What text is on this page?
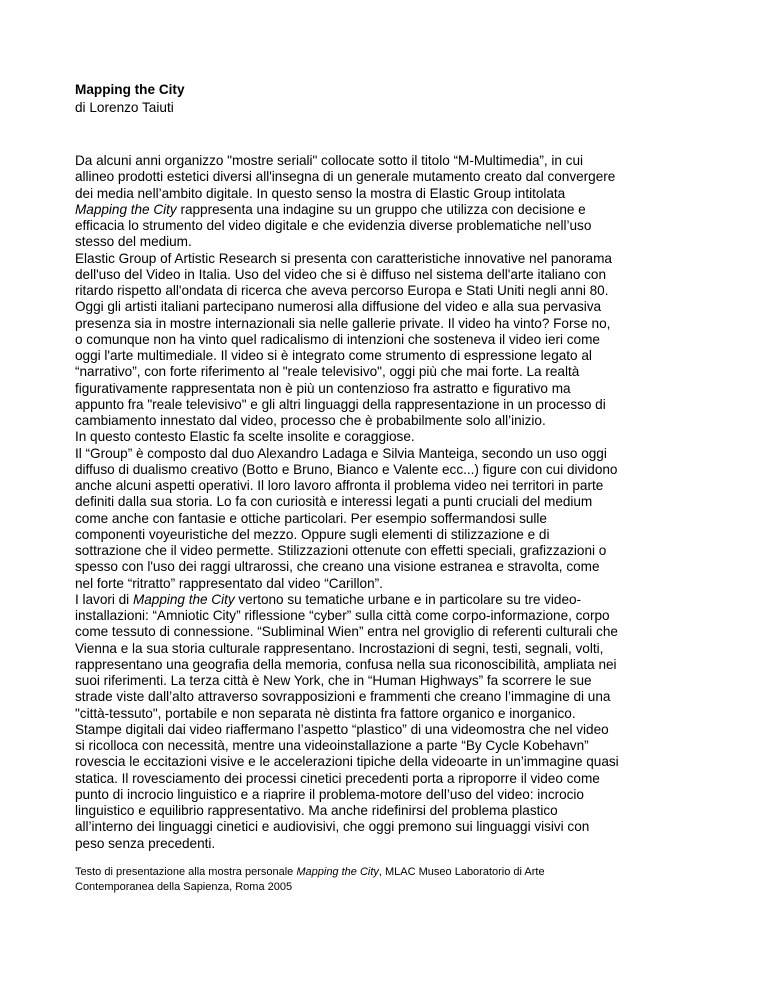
Mapping the City
di Lorenzo Taiuti
Da alcuni anni organizzo "mostre seriali" collocate sotto il titolo “M-Multimedia”, in cui
allineo prodotti estetici diversi all'insegna di un generale mutamento creato dal convergere
dei media nell’ambito digitale. In questo senso la mostra di Elastic Group intitolata
Mapping the City rappresenta una indagine su un gruppo che utilizza con decisione e
efficacia lo strumento del video digitale e che evidenzia diverse problematiche nell’uso
stesso del medium.
Elastic Group of Artistic Research si presenta con caratteristiche innovative nel panorama
dell'uso del Video in Italia. Uso del video che si è diffuso nel sistema dell'arte italiano con
ritardo rispetto all'ondata di ricerca che aveva percorso Europa e Stati Uniti negli anni 80.
Oggi gli artisti italiani partecipano numerosi alla diffusione del video e alla sua pervasiva
presenza sia in mostre internazionali sia nelle gallerie private. Il video ha vinto? Forse no,
o comunque non ha vinto quel radicalismo di intenzioni che sosteneva il video ieri come
oggi l'arte multimediale. Il video si è integrato come strumento di espressione legato al
“narrativo”, con forte riferimento al "reale televisivo", oggi più che mai forte. La realtà
figurativamente rappresentata non è più un contenzioso fra astratto e figurativo ma
appunto fra "reale televisivo" e gli altri linguaggi della rappresentazione in un processo di
cambiamento innestato dal video, processo che è probabilmente solo all’inizio.
In questo contesto Elastic fa scelte insolite e coraggiose.
Il “Group” è composto dal duo Alexandro Ladaga e Silvia Manteiga, secondo un uso oggi
diffuso di dualismo creativo (Botto e Bruno, Bianco e Valente ecc...) figure con cui dividono
anche alcuni aspetti operativi. Il loro lavoro affronta il problema video nei territori in parte
definiti dalla sua storia. Lo fa con curiosità e interessi legati a punti cruciali del medium
come anche con fantasie e ottiche particolari. Per esempio soffermandosi sulle
componenti voyeuristiche del mezzo. Oppure sugli elementi di stilizzazione e di
sottrazione che il video permette. Stilizzazioni ottenute con effetti speciali, grafizzazioni o
spesso con l'uso dei raggi ultrarossi, che creano una visione estranea e stravolta, come
nel forte “ritratto” rappresentato dal video “Carillon”.
I lavori di Mapping the City vertono su tematiche urbane e in particolare su tre video-
installazioni: “Amniotic City” riflessione “cyber” sulla città come corpo-informazione, corpo
come tessuto di connessione. “Subliminal Wien” entra nel groviglio di referenti culturali che
Vienna e la sua storia culturale rappresentano. Incrostazioni di segni, testi, segnali, volti,
rappresentano una geografia della memoria, confusa nella sua riconoscibilità, ampliata nei
suoi riferimenti. La terza città è New York, che in “Human Highways” fa scorrere le sue
strade viste dall’alto attraverso sovrapposizioni e frammenti che creano l’immagine di una
"città-tessuto", portabile e non separata nè distinta fra fattore organico e inorganico.
Stampe digitali dai video riaffermano l’aspetto “plastico” di una videomostra che nel video
si ricolloca con necessità, mentre una videoinstallazione a parte “By Cycle Kobehavn”
rovescia le eccitazioni visive e le accelerazioni tipiche della videoarte in un’immagine quasi
statica. Il rovesciamento dei processi cinetici precedenti porta a riproporre il video come
punto di incrocio linguistico e a riaprire il problema-motore dell’uso del video: incrocio
linguistico e equilibrio rappresentativo. Ma anche ridefinirsi del problema plastico
all’interno dei linguaggi cinetici e audiovisivi, che oggi premono sui linguaggi visivi con
peso senza precedenti.
Testo di presentazione alla mostra personale Mapping the City, MLAC Museo Laboratorio di Arte
Contemporanea della Sapienza, Roma 2005
